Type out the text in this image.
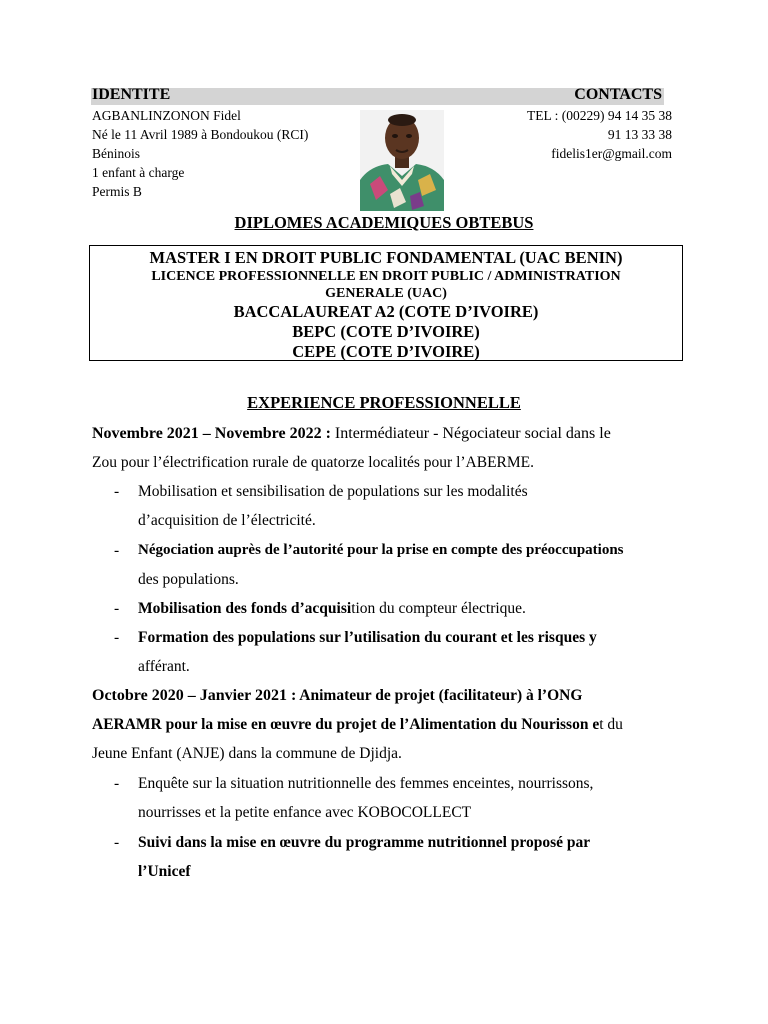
IDENTITE	CONTACTS
AGBANLINZONON Fidel
Né le 11 Avril 1989 à Bondoukou (RCI)
Béninois
1 enfant à charge
Permis B
TEL : (00229) 94 14 35 38
91 13 33 38
fidelis1er@gmail.com
DIPLOMES ACADEMIQUES OBTEBUS
MASTER I EN DROIT PUBLIC FONDAMENTAL (UAC BENIN)
LICENCE PROFESSIONNELLE EN DROIT PUBLIC / ADMINISTRATION
GENERALE (UAC)
BACCALAUREAT A2 (COTE D’IVOIRE)
BEPC (COTE D’IVOIRE)
CEPE (COTE D’IVOIRE)
EXPERIENCE PROFESSIONNELLE
Novembre 2021 – Novembre 2022 : Intermédiateur - Négociateur social dans le
Zou pour l’électrification rurale de quatorze localités pour l’ABERME.
- Mobilisation et sensibilisation de populations sur les modalités
d’acquisition de l’électricité.
- Négociation auprès de l’autorité pour la prise en compte des préoccupations
des populations.
- Mobilisation des fonds d’acquisition du compteur électrique.
- Formation des populations sur l’utilisation du courant et les risques y
afférant.
Octobre 2020 – Janvier 2021 : Animateur de projet (facilitateur) à l’ONG
AERAMR pour la mise en œuvre du projet de l’Alimentation du Nourisson et du
Jeune Enfant (ANJE) dans la commune de Djidja.
- Enquête sur la situation nutritionnelle des femmes enceintes, nourrissons,
nourrisses et la petite enfance avec KOBOCOLLECT
- Suivi dans la mise en œuvre du programme nutritionnel proposé par
l’Unicef
